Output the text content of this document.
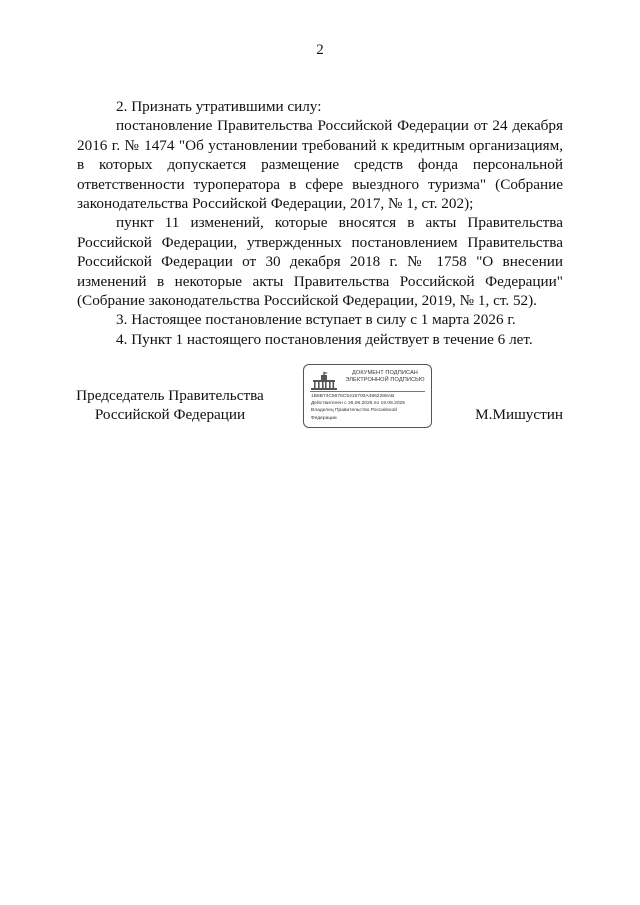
2

2. Признать утратившими силу:

постановление Правительства Российской Федерации от 24 декабря 2016 г. № 1474 "Об установлении требований к кредитным организациям, в которых допускается размещение средств фонда персональной ответственности туроператора в сфере выездного туризма" (Собрание законодательства Российской Федерации, 2017, № 1, ст. 202);

пункт 11 изменений, которые вносятся в акты Правительства Российской Федерации, утвержденных постановлением Правительства Российской Федерации от 30 декабря 2018 г. № 1758 "О внесении изменений в некоторые акты Правительства Российской Федерации" (Собрание законодательства Российской Федерации, 2019, № 1, ст. 52).

3. Настоящее постановление вступает в силу с 1 марта 2026 г.

4. Пункт 1 настоящего постановления действует в течение 6 лет.

Председатель Правительства
Российской Федерации
ДОКУМЕНТ ПОДПИСАН
ЭЛЕКТРОННОЙ ПОДПИСЬЮ
1B6B74C5676C5415700A4962288AB
Действителен с 26.06.2025 по 19.09.2026
Владелец Правительство Российской
Федерации	М.Мишустин
